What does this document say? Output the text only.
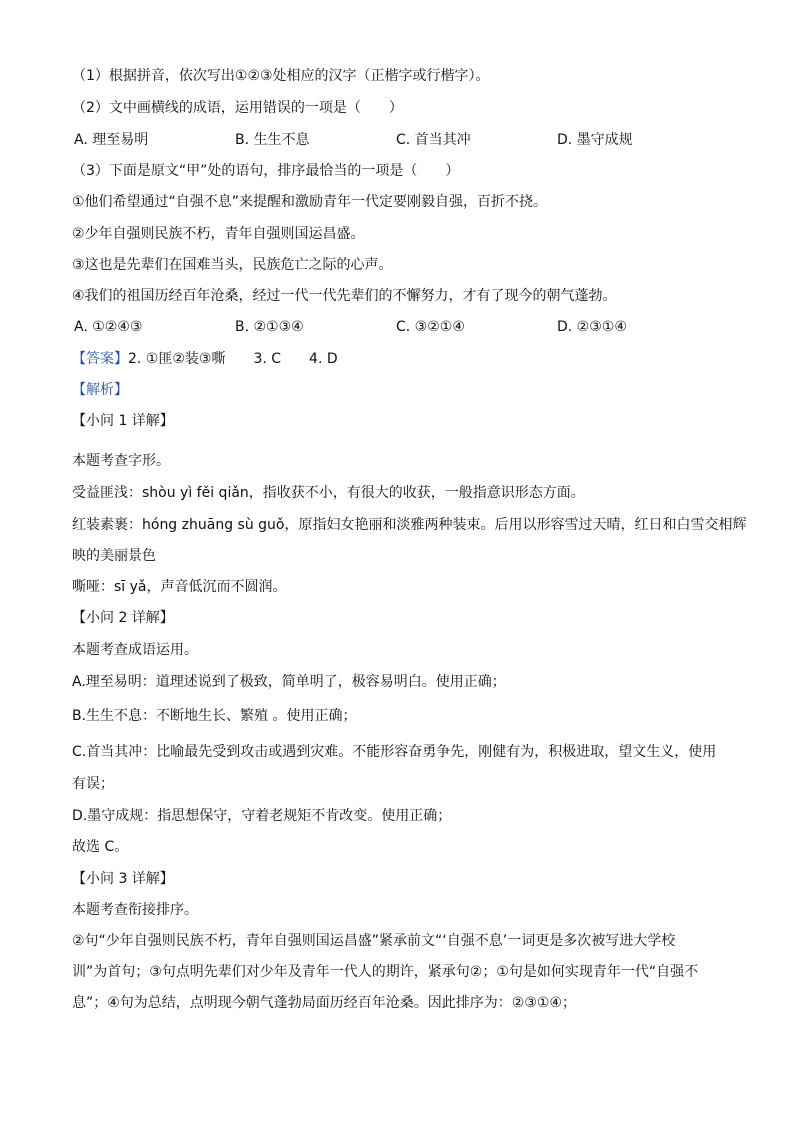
（1）根据拼音，依次写出①②③处相应的汉字（正楷字或行楷字）。
（2）文中画横线的成语，运用错误的一项是（　　）
A. 理至易明	B. 生生不息	C. 首当其冲	D. 墨守成规
（3）下面是原文“甲”处的语句，排序最恰当的一项是（　　）
①他们希望通过“自强不息”来提醒和激励青年一代定要刚毅自强，百折不挠。
②少年自强则民族不朽，青年自强则国运昌盛。
③这也是先辈们在国难当头，民族危亡之际的心声。
④我们的祖国历经百年沧桑，经过一代一代先辈们的不懈努力，才有了现今的朝气蓬勃。
A. ①②④③	B. ②①③④	C. ③②①④	D. ②③①④
【答案】2. ①匪②装③嘶　　3. C　　4. D
【解析】
【小问 1 详解】
本题考查字形。
受益匪浅：shòu yì fěi qiǎn，指收获不小，有很大的收获，一般指意识形态方面。
红装素裹：hóng zhuāng sù guǒ，原指妇女艳丽和淡雅两种装束。后用以形容雪过天晴，红日和白雪交相辉
映的美丽景色
嘶哑：sī yǎ，声音低沉而不圆润。
【小问 2 详解】
本题考查成语运用。
A.理至易明：道理述说到了极致，简单明了，极容易明白。使用正确；
B.生生不息：不断地生长、繁殖 。使用正确；
C.首当其冲：比喻最先受到攻击或遇到灾难。不能形容奋勇争先，刚健有为，积极进取，望文生义，使用
有误；
D.墨守成规：指思想保守，守着老规矩不肯改变。使用正确；
故选 C。
【小问 3 详解】
本题考查衔接排序。
②句“少年自强则民族不朽，青年自强则国运昌盛”紧承前文“‘自强不息’一词更是多次被写进大学校
训”为首句；③句点明先辈们对少年及青年一代人的期许，紧承句②；①句是如何实现青年一代“自强不
息”；④句为总结，点明现今朝气蓬勃局面历经百年沧桑。因此排序为：②③①④；
